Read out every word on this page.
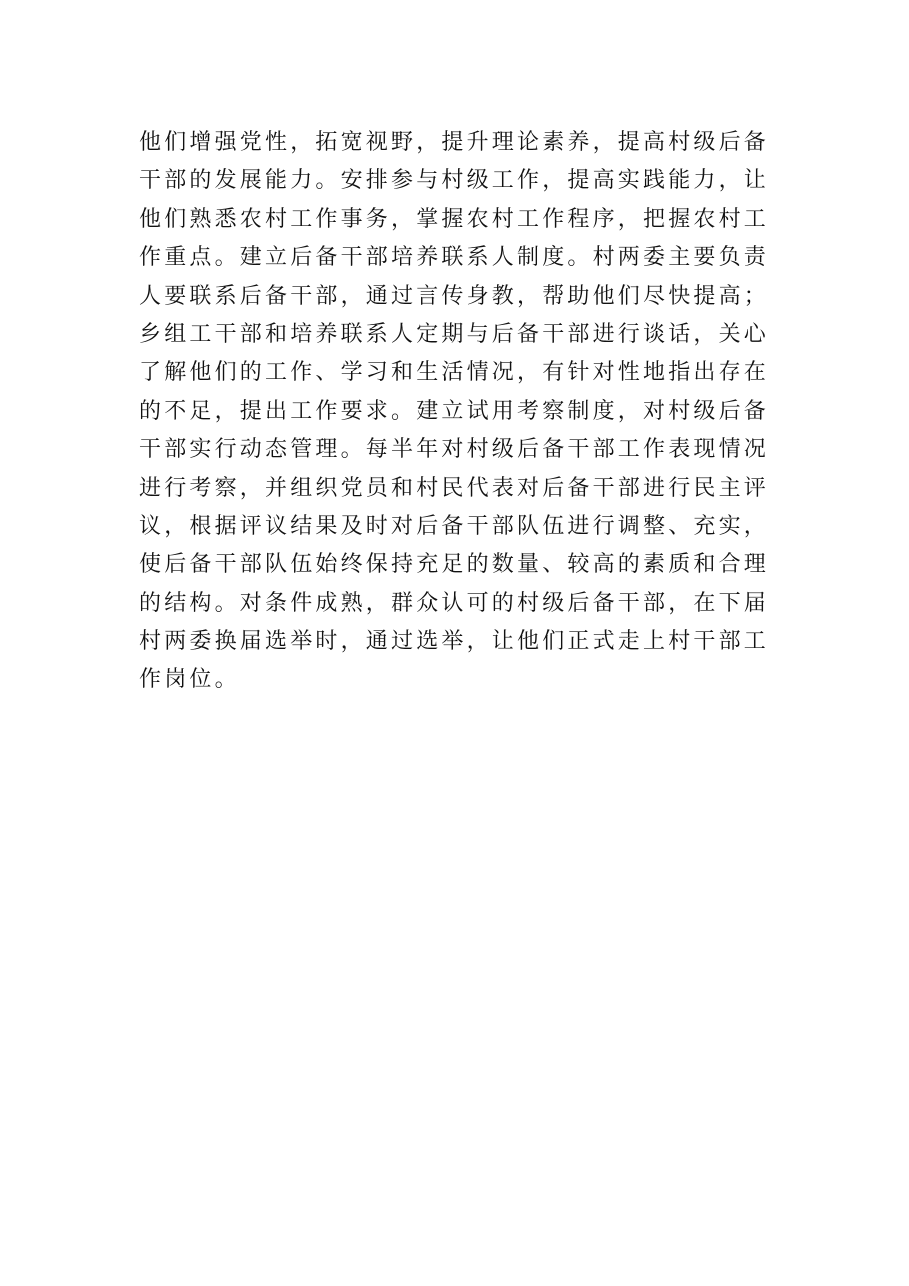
他们增强党性，拓宽视野，提升理论素养，提高村级后备
干部的发展能力。安排参与村级工作，提高实践能力，让
他们熟悉农村工作事务，掌握农村工作程序，把握农村工
作重点。建立后备干部培养联系人制度。村两委主要负责
人要联系后备干部，通过言传身教，帮助他们尽快提高；
乡组工干部和培养联系人定期与后备干部进行谈话，关心
了解他们的工作、学习和生活情况，有针对性地指出存在
的不足，提出工作要求。建立试用考察制度，对村级后备
干部实行动态管理。每半年对村级后备干部工作表现情况
进行考察，并组织党员和村民代表对后备干部进行民主评
议，根据评议结果及时对后备干部队伍进行调整、充实，
使后备干部队伍始终保持充足的数量、较高的素质和合理
的结构。对条件成熟，群众认可的村级后备干部，在下届
村两委换届选举时，通过选举，让他们正式走上村干部工
作岗位。
